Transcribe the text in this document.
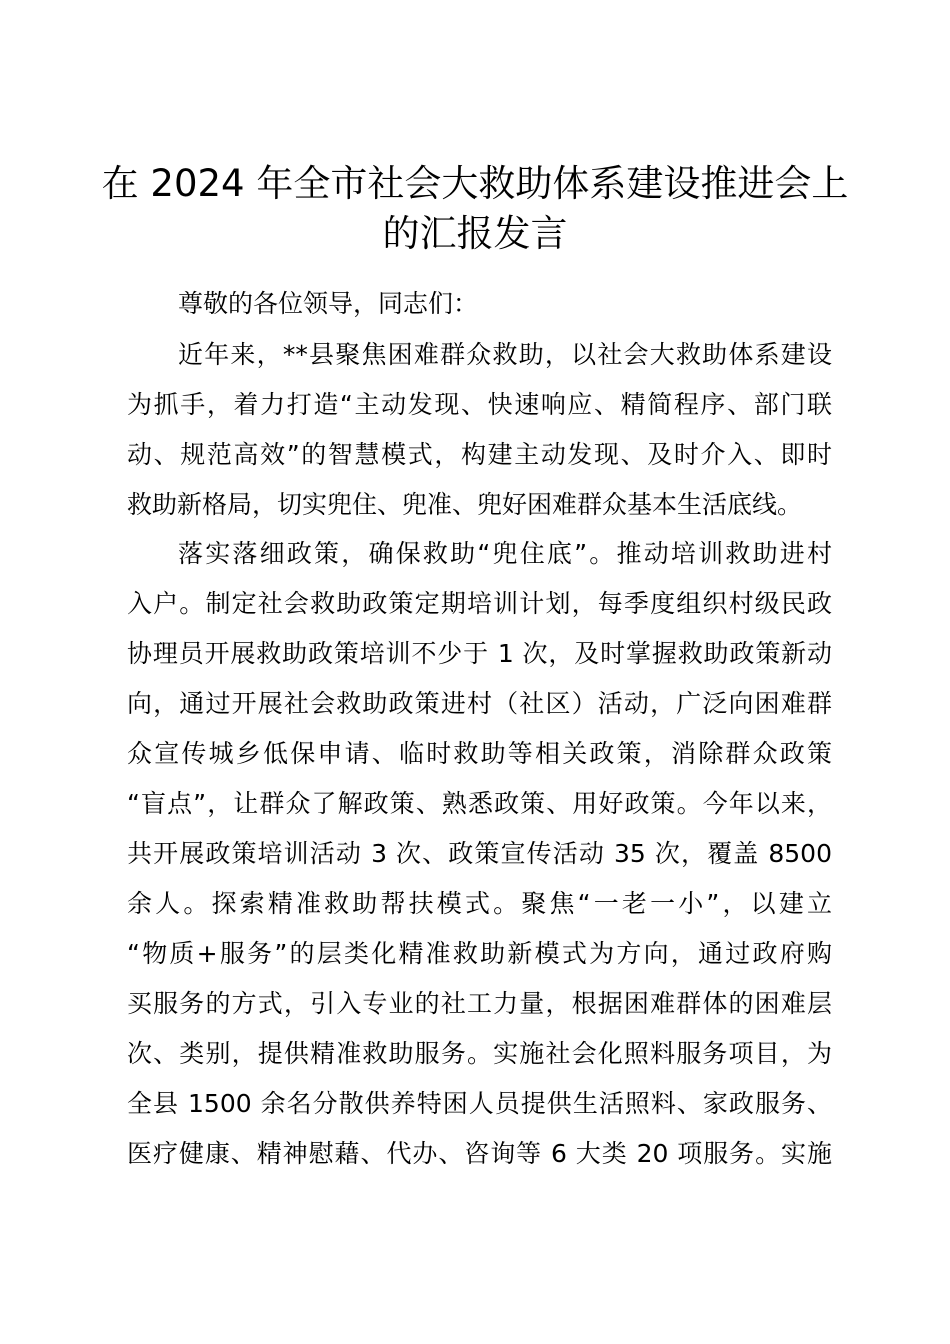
在 2024 年全市社会大救助体系建设推进会上
的汇报发言
尊敬的各位领导，同志们：
近年来，**县聚焦困难群众救助，以社会大救助体系建设
为抓手，着力打造“主动发现、快速响应、精简程序、部门联
动、规范高效”的智慧模式，构建主动发现、及时介入、即时
救助新格局，切实兜住、兜准、兜好困难群众基本生活底线。
落实落细政策，确保救助“兜住底”。推动培训救助进村
入户。制定社会救助政策定期培训计划，每季度组织村级民政
协理员开展救助政策培训不少于 1 次，及时掌握救助政策新动
向，通过开展社会救助政策进村（社区）活动，广泛向困难群
众宣传城乡低保申请、临时救助等相关政策，消除群众政策
“盲点”，让群众了解政策、熟悉政策、用好政策。今年以来，
共开展政策培训活动 3 次、政策宣传活动 35 次，覆盖 8500
余人。探索精准救助帮扶模式。聚焦“一老一小”，以建立
“物质+服务”的层类化精准救助新模式为方向，通过政府购
买服务的方式，引入专业的社工力量，根据困难群体的困难层
次、类别，提供精准救助服务。实施社会化照料服务项目，为
全县 1500 余名分散供养特困人员提供生活照料、家政服务、
医疗健康、精神慰藉、代办、咨询等 6 大类 20 项服务。实施
